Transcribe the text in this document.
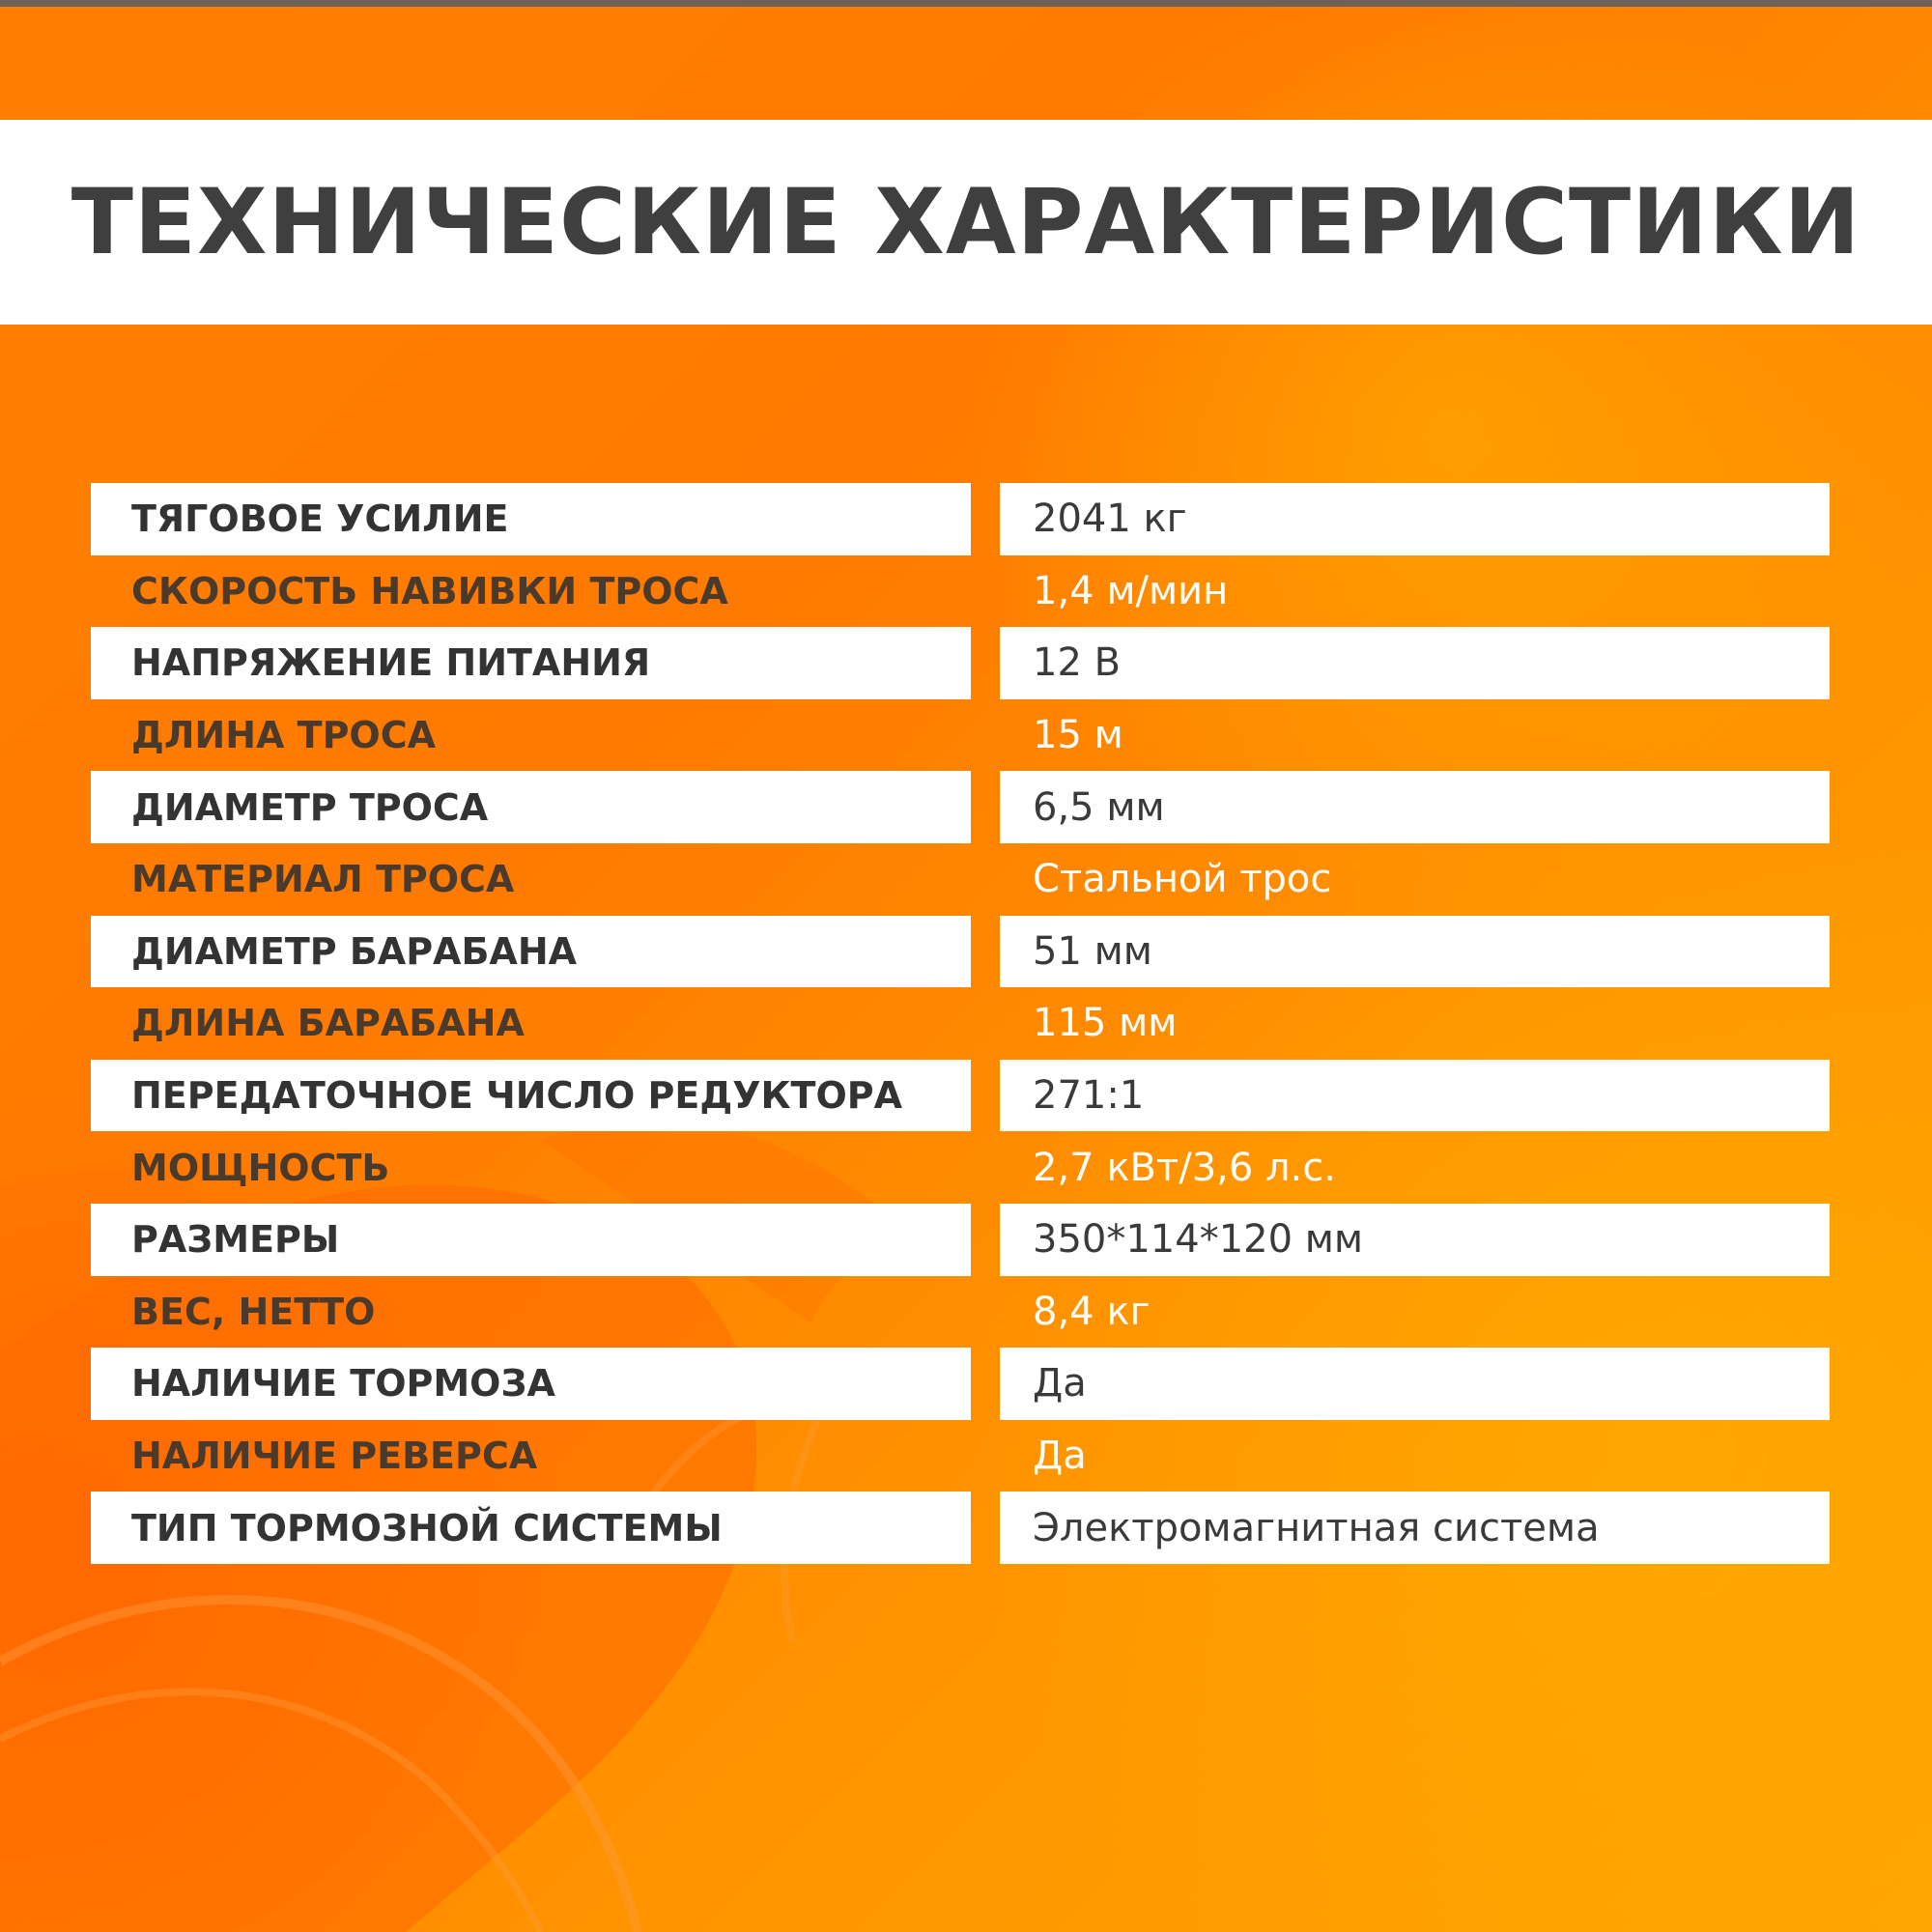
ТЕХНИЧЕСКИЕ ХАРАКТЕРИСТИКИ
ТЯГОВОЕ УСИЛИЕ	2041 кг
СКОРОСТЬ НАВИВКИ ТРОСА	1,4 м/мин
НАПРЯЖЕНИЕ ПИТАНИЯ	12 В
ДЛИНА ТРОСА	15 м
ДИАМЕТР ТРОСА	6,5 мм
МАТЕРИАЛ ТРОСА	Стальной трос
ДИАМЕТР БАРАБАНА	51 мм
ДЛИНА БАРАБАНА	115 мм
ПЕРЕДАТОЧНОЕ ЧИСЛО РЕДУКТОРА	271:1
МОЩНОСТЬ	2,7 кВт/3,6 л.с.
РАЗМЕРЫ	350*114*120 мм
ВЕС, НЕТТО	8,4 кг
НАЛИЧИЕ ТОРМОЗА	Да
НАЛИЧИЕ РЕВЕРСА	Да
ТИП ТОРМОЗНОЙ СИСТЕМЫ	Электромагнитная система
